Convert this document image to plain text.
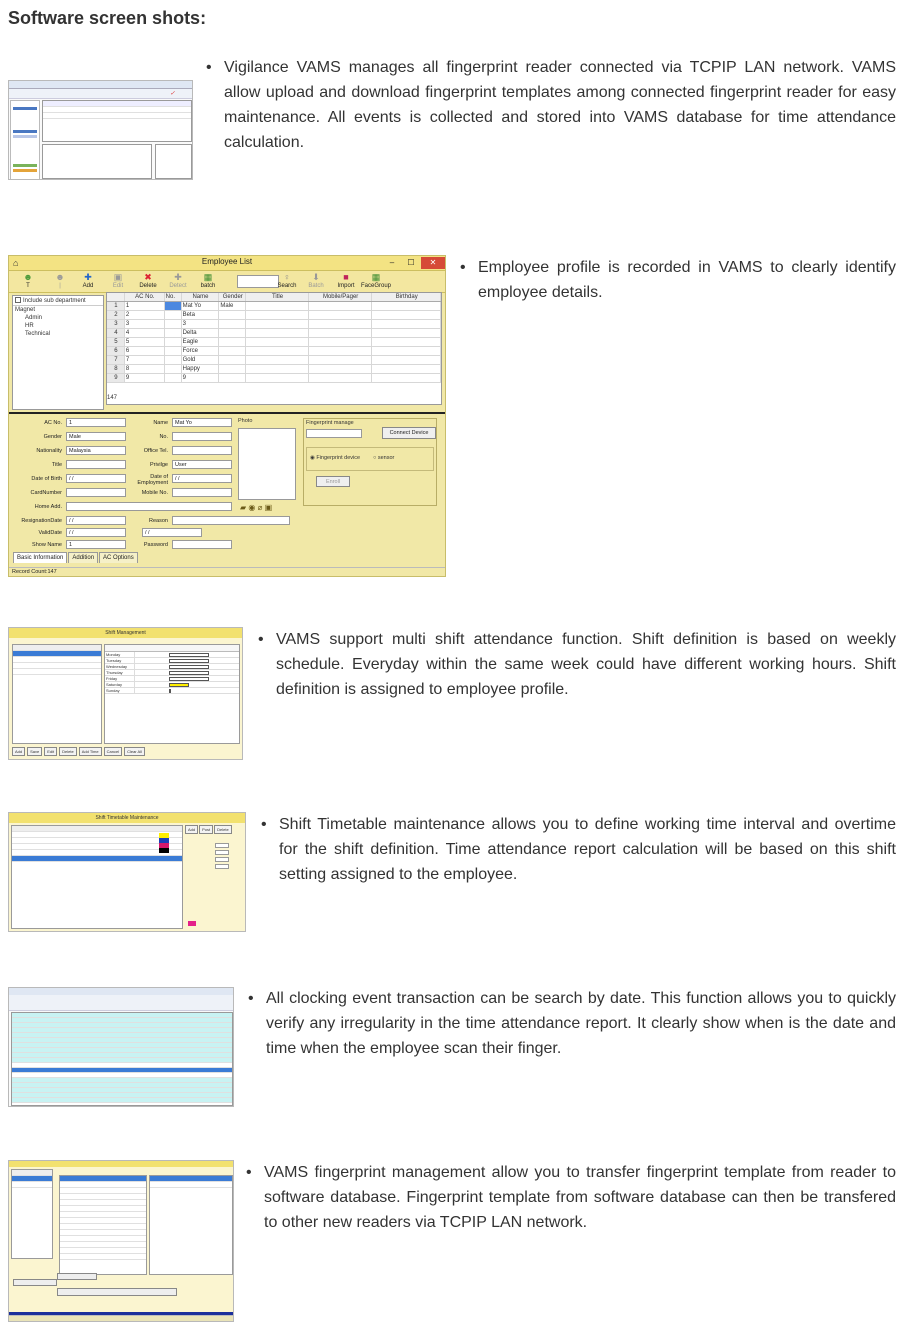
Software screen shots:
✓
• Vigilance VAMS manages all fingerprint reader connected via TCPIP LAN network. VAMS allow upload and download fingerprint templates among connected fingerprint reader for easy maintenance. All events is collected and stored into VAMS database for time attendance calculation.
⌂	Employee List	–	☐	✕
☻
T
☻
|
✚
Add
▣
Edit
✖
Delete
✚
Detect
▦
batch
♀
Search
⬇
Batch
■
Import
▦
FaceGroup
Include sub department
Magnet
Admin
HR
Technical
AC No.	No.	Name	Gender	Title	Mobile/Pager	Birthday
1	1	Mat Yo	Male
2	2	Beta
3	3	3
4	4	Delta
5	5	Eagle
6	6	Force
7	7	Gold
8	8	Happy
9	9	9
147
AC No.	1	Name	Mat Yo
Gender	Male	No.
Nationality	Malaysia	Office Tel.
Title	Privilge	User
Date of Birth	/ /	Date of Employment
/ /
CardNumber	Mobile No.
Home Add.
ResignationDate	/ /	Reason
ValidDate	/ /	/ /
Show Name	1	Password
Photo
▰ ◉ ⌀ ▣
Fingerprint manage
Connect Device
◉ Fingerprint device ○ sensor
Enroll
Basic Information	Addition	AC Options
Record Count:147
• Employee profile is recorded in VAMS to clearly identify employee details.
Shift Management
Monday
Tuesday
Wednesday
Thursday
Friday
Saturday
Sunday
Add Save Edit Delete Add Time Cancel Clear All
• VAMS support multi shift attendance function. Shift definition is based on weekly schedule. Everyday within the same week could have different working hours. Shift definition is assigned to employee profile.
Shift Timetable Maintenance
Add	Post	Delete
•	Shift Timetable maintenance allows you to define working time interval and overtime for the shift definition. Time attendance report calculation will be based on this shift setting assigned to the employee.
• All clocking event transaction can be search by date. This function allows you to quickly verify any irregularity in the time attendance report. It clearly show when is the date and time when the employee scan their finger.
• VAMS fingerprint management allow you to transfer fingerprint template from reader to software database. Fingerprint template from software database can then be transfered to other new readers via TCPIP LAN network.
